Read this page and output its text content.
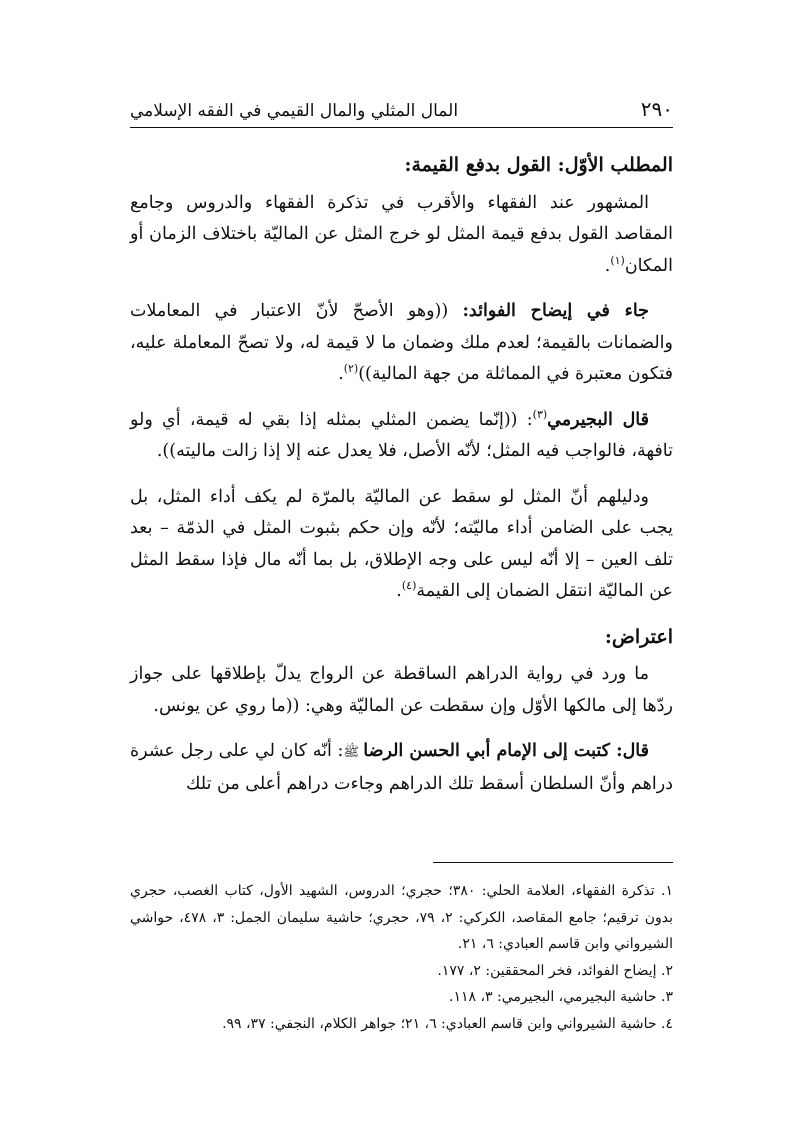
٢٩٠
المال المثلي والمال القيمي في الفقه الإسلامي
المطلب الأوّل: القول بدفع القيمة:

المشهور عند الفقهاء والأقرب في تذكرة الفقهاء والدروس وجامع المقاصد القول بدفع قيمة المثل لو خرج المثل عن الماليّة باختلاف الزمان أو المكان$^{(١)}$.

جاء في إيضاح الفوائد: ((وهو الأصحّ لأنّ الاعتبار في المعاملات والضمانات بالقيمة؛ لعدم ملك وضمان ما لا قيمة له، ولا تصحّ المعاملة عليه، فتكون معتبرة في المماثلة من جهة المالية))$^{(٢)}$.

قال البجيرمي$^{(٣)}$: ((إنّما يضمن المثلي بمثله إذا بقي له قيمة، أي ولو تافهة، فالواجب فيه المثل؛ لأنّه الأصل، فلا يعدل عنه إلا إذا زالت ماليته)).

ودليلهم أنّ المثل لو سقط عن الماليّة بالمرّة لم يكف أداء المثل، بل يجب على الضامن أداء ماليّته؛ لأنّه وإن حكم بثبوت المثل في الذمّة – بعد تلف العين – إلا أنّه ليس على وجه الإطلاق، بل بما أنّه مال فإذا سقط المثل عن الماليّة انتقل الضمان إلى القيمة$^{(٤)}$.

اعتراض:

ما ورد في رواية الدراهم الساقطة عن الرواج يدلّ بإطلاقها على جواز ردّها إلى مالكها الأوّل وإن سقطت عن الماليّة وهي: ((ما روي عن يونس.

قال: كتبت إلى الإمام أبي الحسن الرضا ﷺ: أنّه كان لي على رجل عشرة دراهم وأنّ السلطان أسقط تلك الدراهم وجاءت دراهم أعلى من تلك

١. تذكرة الفقهاء، العلامة الحلي: ٣٨٠؛ حجري؛ الدروس، الشهيد الأول، كتاب الغصب، حجري بدون ترقيم؛ جامع المقاصد، الكركي: ٢، ٧٩، حجري؛ حاشية سليمان الجمل: ٣، ٤٧٨، حواشي الشيرواني وابن قاسم العبادي: ٦، ٢١.

٢. إيضاح الفوائد، فخر المحققين: ٢، ١٧٧.

٣. حاشية البجيرمي، البجيرمي: ٣، ١١٨.

٤. حاشية الشيرواني وابن قاسم العبادي: ٦، ٢١؛ جواهر الكلام، النجفي: ٣٧، ٩٩.
